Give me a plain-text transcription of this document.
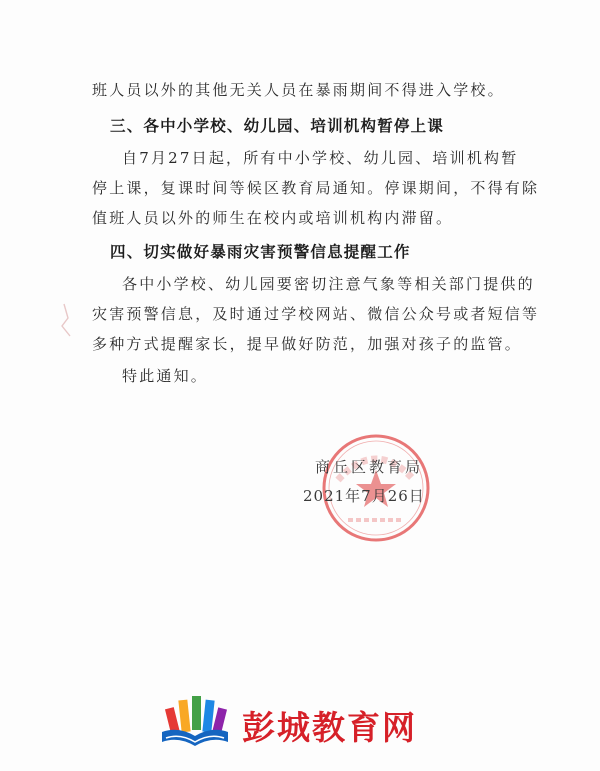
班人员以外的其他无关人员在暴雨期间不得进入学校。
三、各中小学校、幼儿园、培训机构暂停上课
自7月27日起，所有中小学校、幼儿园、培训机构暂
停上课，复课时间等候区教育局通知。停课期间，不得有除
值班人员以外的师生在校内或培训机构内滞留。
四、切实做好暴雨灾害预警信息提醒工作
各中小学校、幼儿园要密切注意气象等相关部门提供的
灾害预警信息，及时通过学校网站、微信公众号或者短信等
多种方式提醒家长，提早做好防范，加强对孩子的监管。
特此通知。
商丘区教育局
2021年7月26日
彭城教育网
